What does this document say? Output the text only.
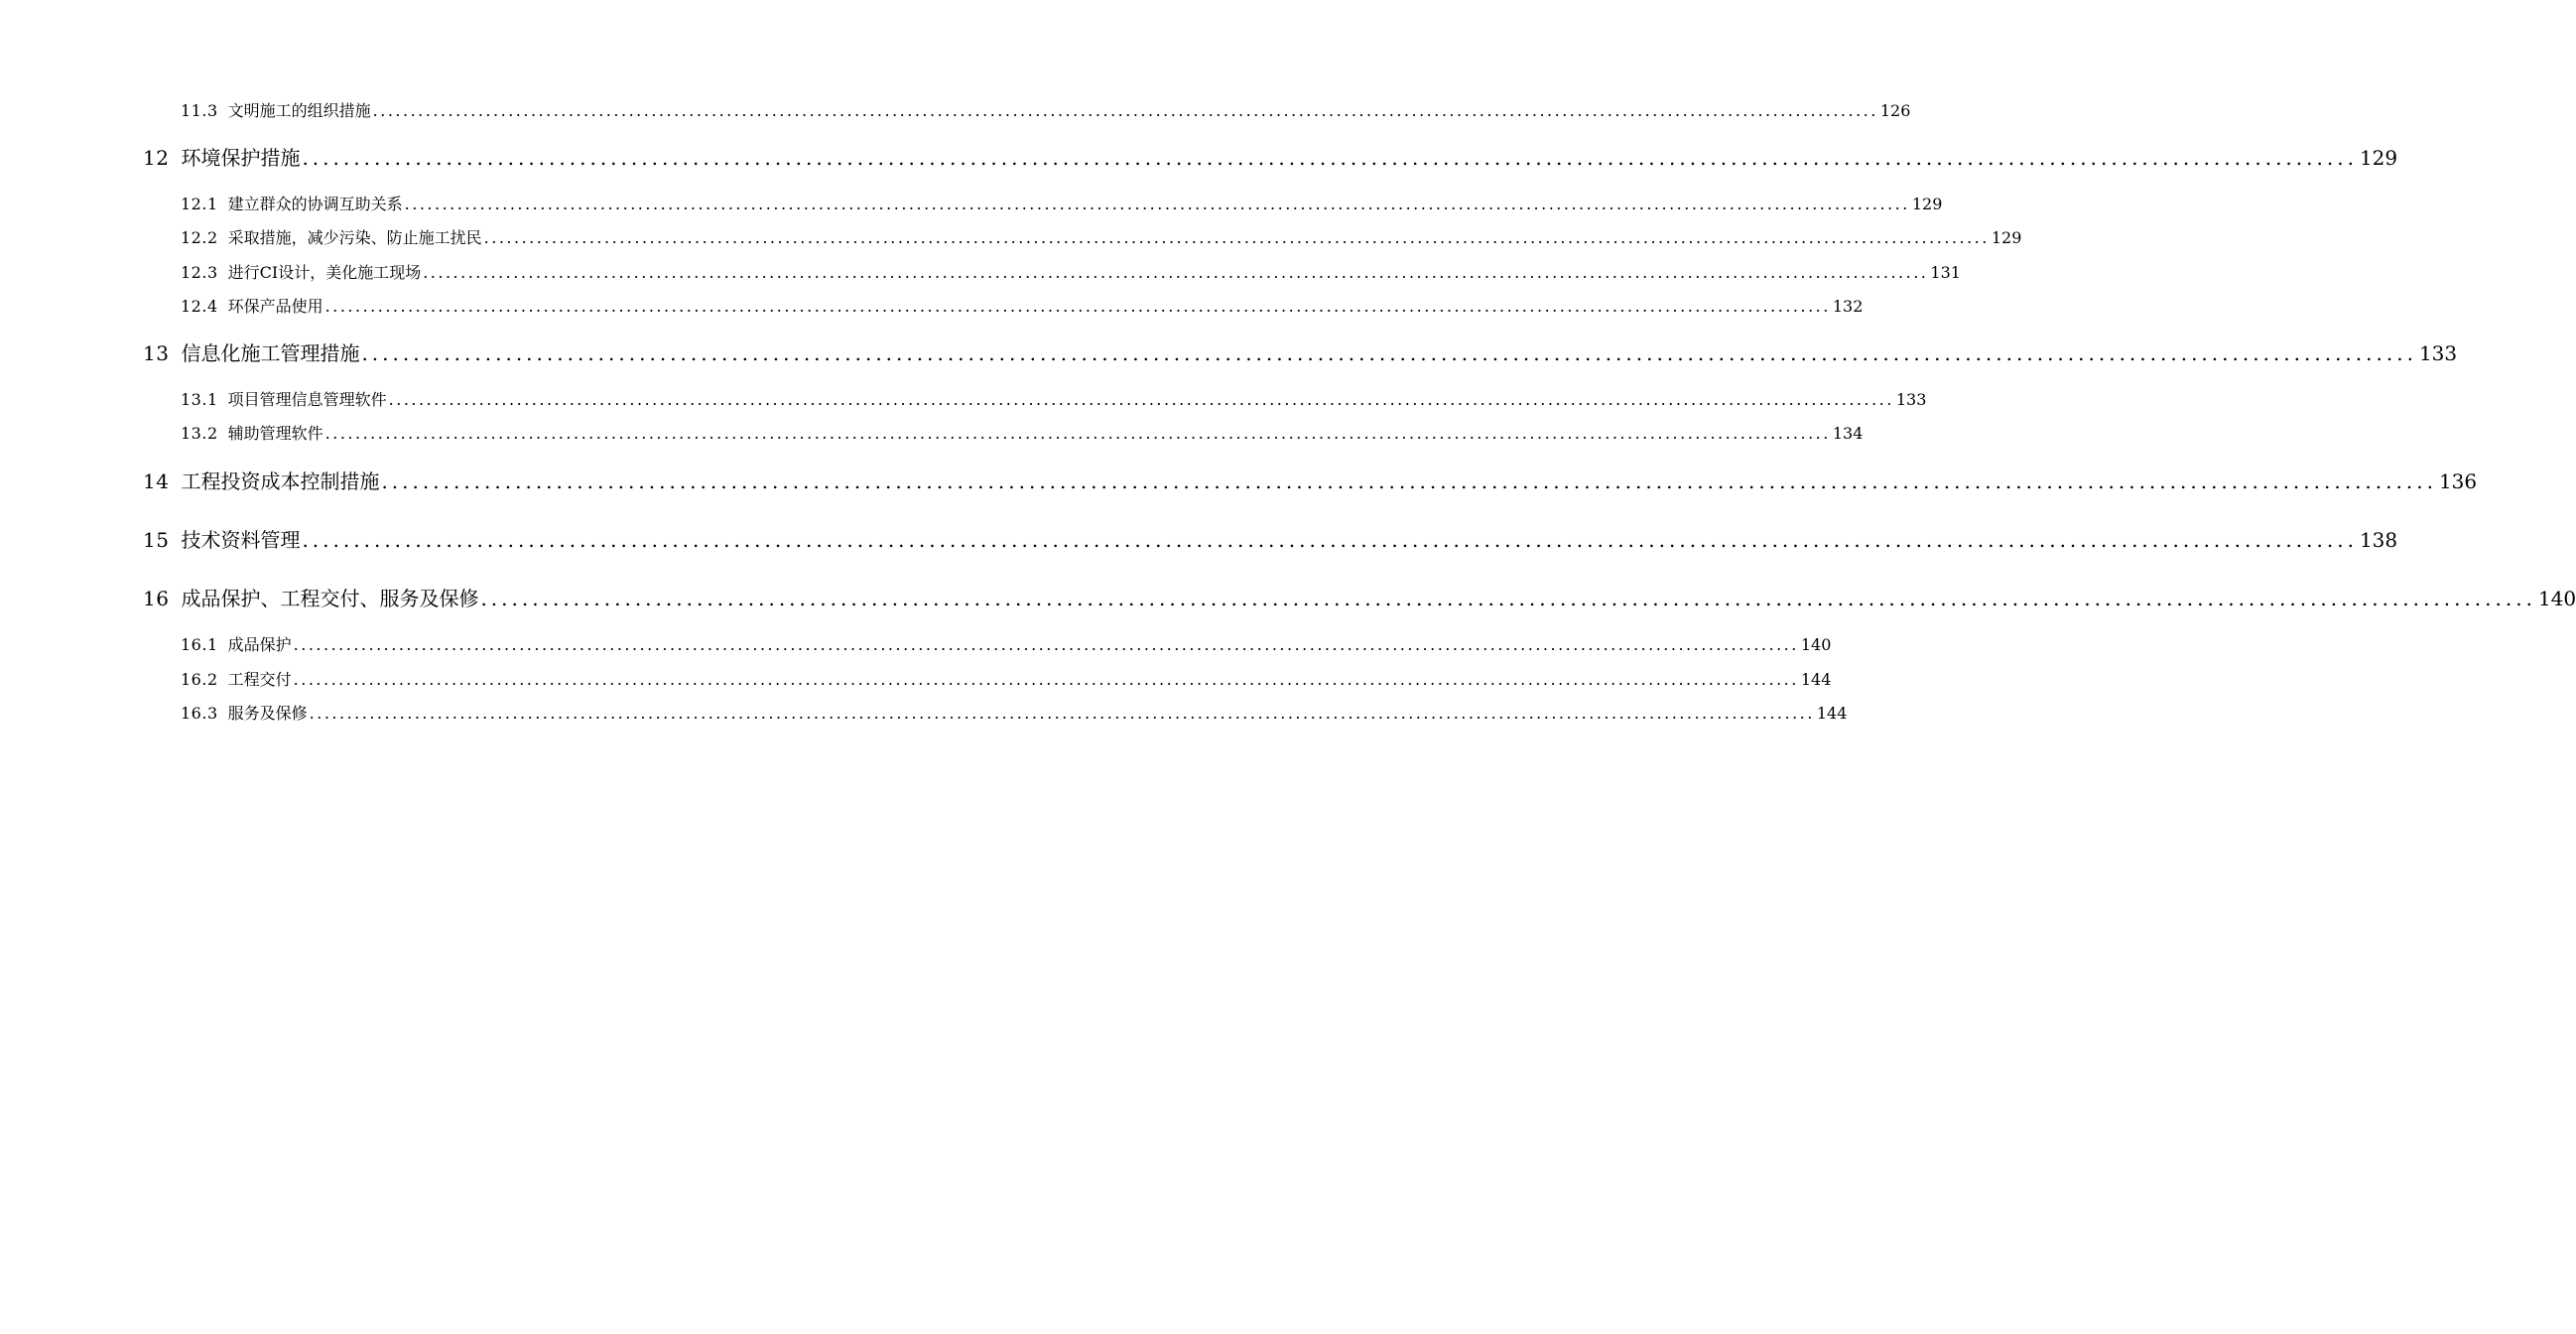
11.3 文明施工的组织措施 ........................................................................................................................................................................................................ 126
12 环境保护措施 ........................................................................................................................................................................................................ 129
12.1 建立群众的协调互助关系 ........................................................................................................................................................................................................ 129
12.2 采取措施，减少污染、防止施工扰民 ........................................................................................................................................................................................................ 129
12.3 进行CI设计，美化施工现场 ........................................................................................................................................................................................................ 131
12.4 环保产品使用 ........................................................................................................................................................................................................ 132
13 信息化施工管理措施 ........................................................................................................................................................................................................ 133
13.1 项目管理信息管理软件 ........................................................................................................................................................................................................ 133
13.2 辅助管理软件 ........................................................................................................................................................................................................ 134
14 工程投资成本控制措施 ........................................................................................................................................................................................................ 136
15 技术资料管理 ........................................................................................................................................................................................................ 138
16 成品保护、工程交付、服务及保修 ........................................................................................................................................................................................................ 140
16.1 成品保护 ........................................................................................................................................................................................................ 140
16.2 工程交付 ........................................................................................................................................................................................................ 144
16.3 服务及保修 ........................................................................................................................................................................................................ 144
